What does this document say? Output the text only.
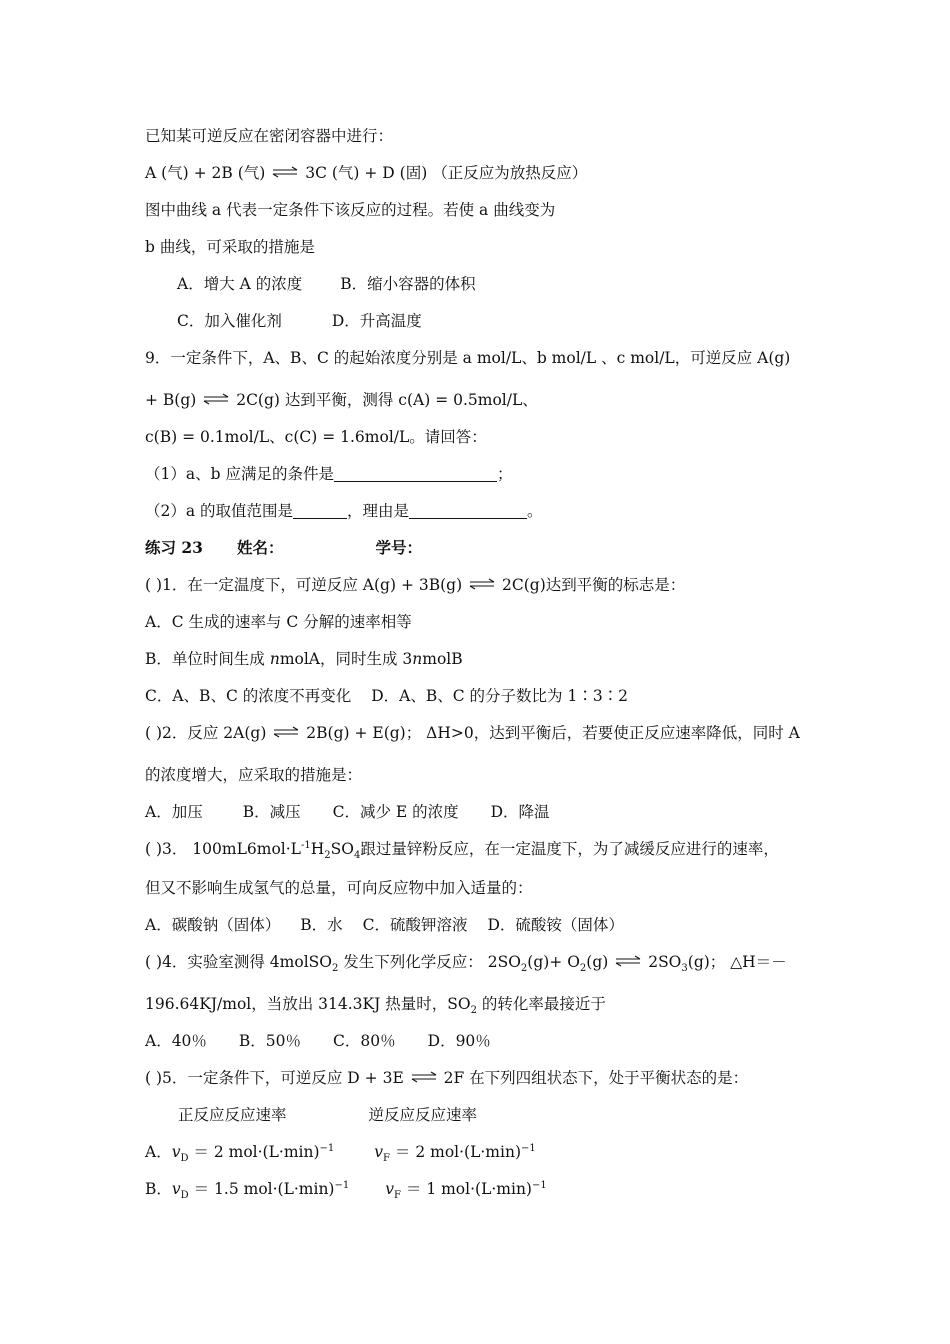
已知某可逆反应在密闭容器中进行：
A (气) + 2B (气) ⇌ 3C (气) + D (固) （正反应为放热反应）
图中曲线 a 代表一定条件下该反应的过程。若使 a 曲线变为
b 曲线，可采取的措施是
A．增大 A 的浓度 B．缩小容器的体积
C．加入催化剂	D．升高温度
9．一定条件下，A、B、C 的起始浓度分别是 a mol/L、b mol/L 、c mol/L，可逆反应 A(g)
+ B(g) ⇌ 2C(g) 达到平衡，测得 c(A) = 0.5mol/L、
c(B) = 0.1mol/L、c(C) = 1.6mol/L。请回答：
（1）a、b 应满足的条件是	；
（2）a 的取值范围是	，理由是	。
练习 23 姓名：	学号：
( )1．在一定温度下，可逆反应 A(g) + 3B(g) ⇌ 2C(g)达到平衡的标志是：
A．C 生成的速率与 C 分解的速率相等
B．单位时间生成 nmolA，同时生成 3nmolB
C．A、B、C 的浓度不再变化 D．A、B、C 的分子数比为 1∶3∶2
( )2．反应 2A(g) ⇌ 2B(g) + E(g)； ΔH>0，达到平衡后，若要使正反应速率降低，同时 A
的浓度增大，应采取的措施是：
A．加压	B．减压 C．减少 E 的浓度 D．降温
( )3． $100mL6mol\cdot L^{-1}H_2SO_4$跟过量锌粉反应，在一定温度下，为了减缓反应进行的速率，
但又不影响生成氢气的总量，可向反应物中加入适量的：
A．碳酸钠（固体） B．水 C．硫酸钾溶液 D．硫酸铵（固体）
( )4．实验室测得 4molSO$_2$ 发生下列化学反应： $2SO_2(g)+ O_2(g)$ ⇌ $2SO_3(g)$； △H＝－
196.64KJ/mol，当放出 314.3KJ 热量时，$SO_2$ 的转化率最接近于
A．40％ B．50％ C．80％ D．90％
( )5．一定条件下，可逆反应 D + 3E ⇌ 2F 在下列四组状态下，处于平衡状态的是：
正反应反应速率	逆反应反应速率
A．$v_D = 2$ $mol\cdot(L\cdot\min)^{-1}$	$v_F = 2$ $mol\cdot(L\cdot\min)^{-1}$
B．$v_D = 1.5$ $mol\cdot(L\cdot\min)^{-1}$ $v_F = 1$ $mol\cdot(L\cdot\min)^{-1}$
